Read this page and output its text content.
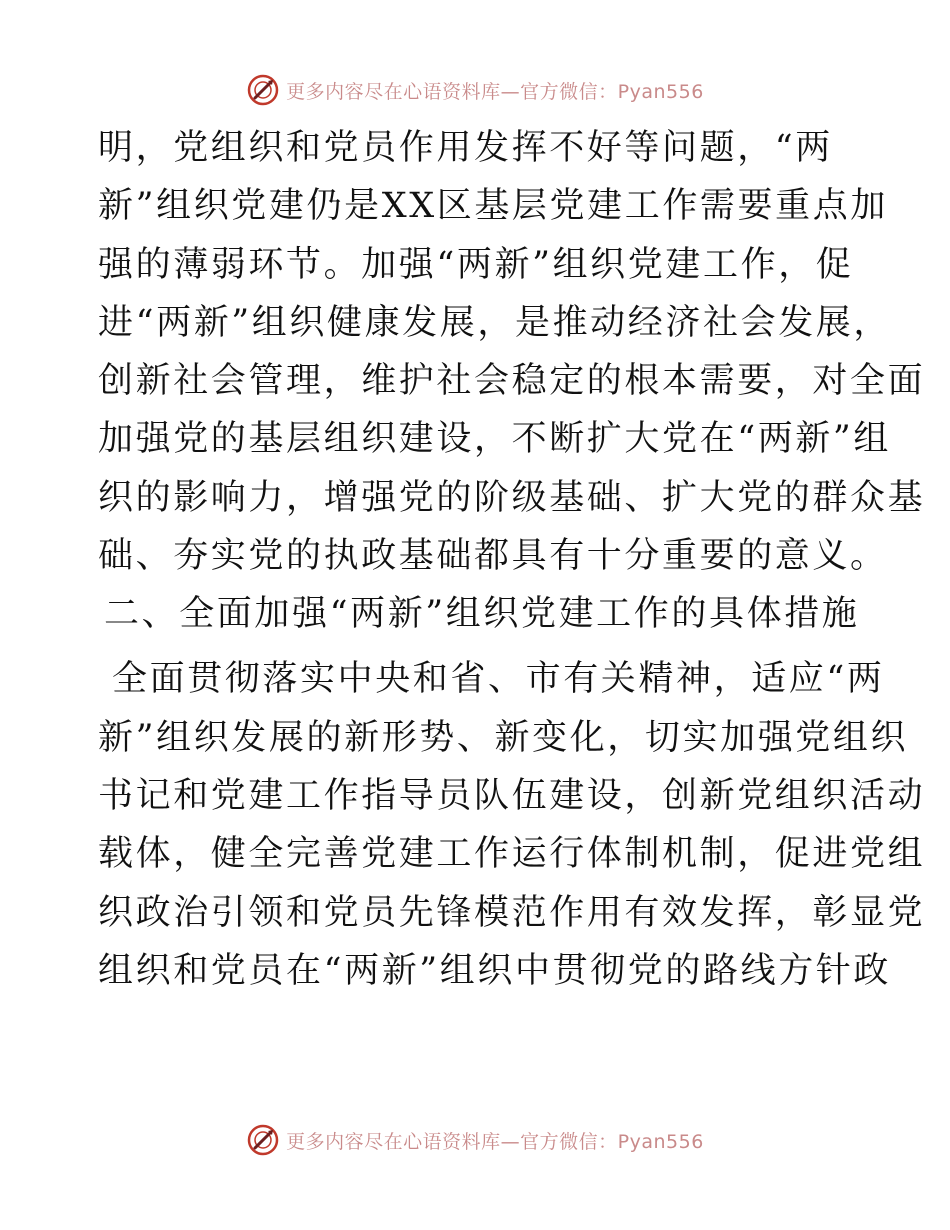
更多内容尽在心语资料库—官方微信：Pyan556
明，党组织和党员作用发挥不好等问题，“两
新”组织党建仍是XX区基层党建工作需要重点加
强的薄弱环节。加强“两新”组织党建工作，促
进“两新”组织健康发展，是推动经济社会发展，
创新社会管理，维护社会稳定的根本需要，对全面
加强党的基层组织建设，不断扩大党在“两新”组
织的影响力，增强党的阶级基础、扩大党的群众基
础、夯实党的执政基础都具有十分重要的意义。
二、全面加强“两新”组织党建工作的具体措施
全面贯彻落实中央和省、市有关精神，适应“两
新”组织发展的新形势、新变化，切实加强党组织
书记和党建工作指导员队伍建设，创新党组织活动
载体，健全完善党建工作运行体制机制，促进党组
织政治引领和党员先锋模范作用有效发挥，彰显党
组织和党员在“两新”组织中贯彻党的路线方针政
更多内容尽在心语资料库—官方微信：Pyan556
